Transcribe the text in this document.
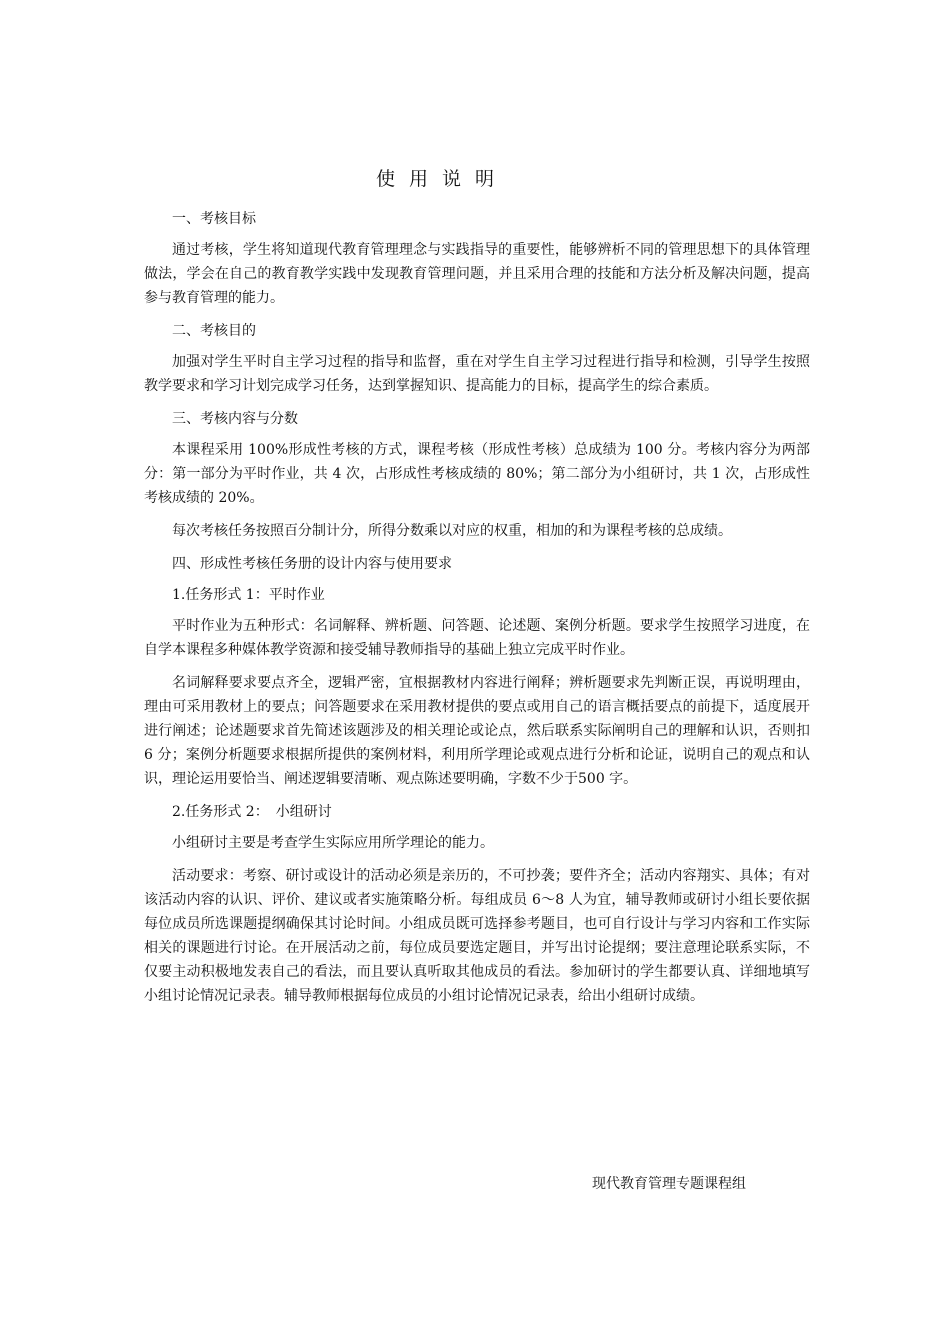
使用说明

一、考核目标

通过考核，学生将知道现代教育管理理念与实践指导的重要性，能够辨析不同的管理思想下的具体管理做法，学会在自己的教育教学实践中发现教育管理问题，并且采用合理的技能和方法分析及解决问题，提高参与教育管理的能力。

二、考核目的

加强对学生平时自主学习过程的指导和监督，重在对学生自主学习过程进行指导和检测，引导学生按照教学要求和学习计划完成学习任务，达到掌握知识、提高能力的目标，提高学生的综合素质。

三、考核内容与分数

本课程采用 100%形成性考核的方式，课程考核（形成性考核）总成绩为 100 分。考核内容分为两部分：第一部分为平时作业，共 4 次，占形成性考核成绩的 80%；第二部分为小组研讨，共 1 次，占形成性考核成绩的 20%。

每次考核任务按照百分制计分，所得分数乘以对应的权重，相加的和为课程考核的总成绩。

四、形成性考核任务册的设计内容与使用要求

1.任务形式 1：平时作业

平时作业为五种形式：名词解释、辨析题、问答题、论述题、案例分析题。要求学生按照学习进度，在自学本课程多种媒体教学资源和接受辅导教师指导的基础上独立完成平时作业。

名词解释要求要点齐全，逻辑严密，宜根据教材内容进行阐释；辨析题要求先判断正误，再说明理由，理由可采用教材上的要点；问答题要求在采用教材提供的要点或用自己的语言概括要点的前提下，适度展开进行阐述；论述题要求首先简述该题涉及的相关理论或论点，然后联系实际阐明自己的理解和认识，否则扣 6 分；案例分析题要求根据所提供的案例材料，利用所学理论或观点进行分析和论证，说明自己的观点和认识，理论运用要恰当、阐述逻辑要清晰、观点陈述要明确，字数不少于500 字。

2.任务形式 2：　小组研讨

小组研讨主要是考查学生实际应用所学理论的能力。

活动要求：考察、研讨或设计的活动必须是亲历的，不可抄袭；要件齐全；活动内容翔实、具体；有对该活动内容的认识、评价、建议或者实施策略分析。每组成员 6～8 人为宜，辅导教师或研讨小组长要依据每位成员所选课题提纲确保其讨论时间。小组成员既可选择参考题目，也可自行设计与学习内容和工作实际相关的课题进行讨论。在开展活动之前，每位成员要选定题目，并写出讨论提纲；要注意理论联系实际，不仅要主动积极地发表自己的看法，而且要认真听取其他成员的看法。参加研讨的学生都要认真、详细地填写小组讨论情况记录表。辅导教师根据每位成员的小组讨论情况记录表，给出小组研讨成绩。

现代教育管理专题课程组
